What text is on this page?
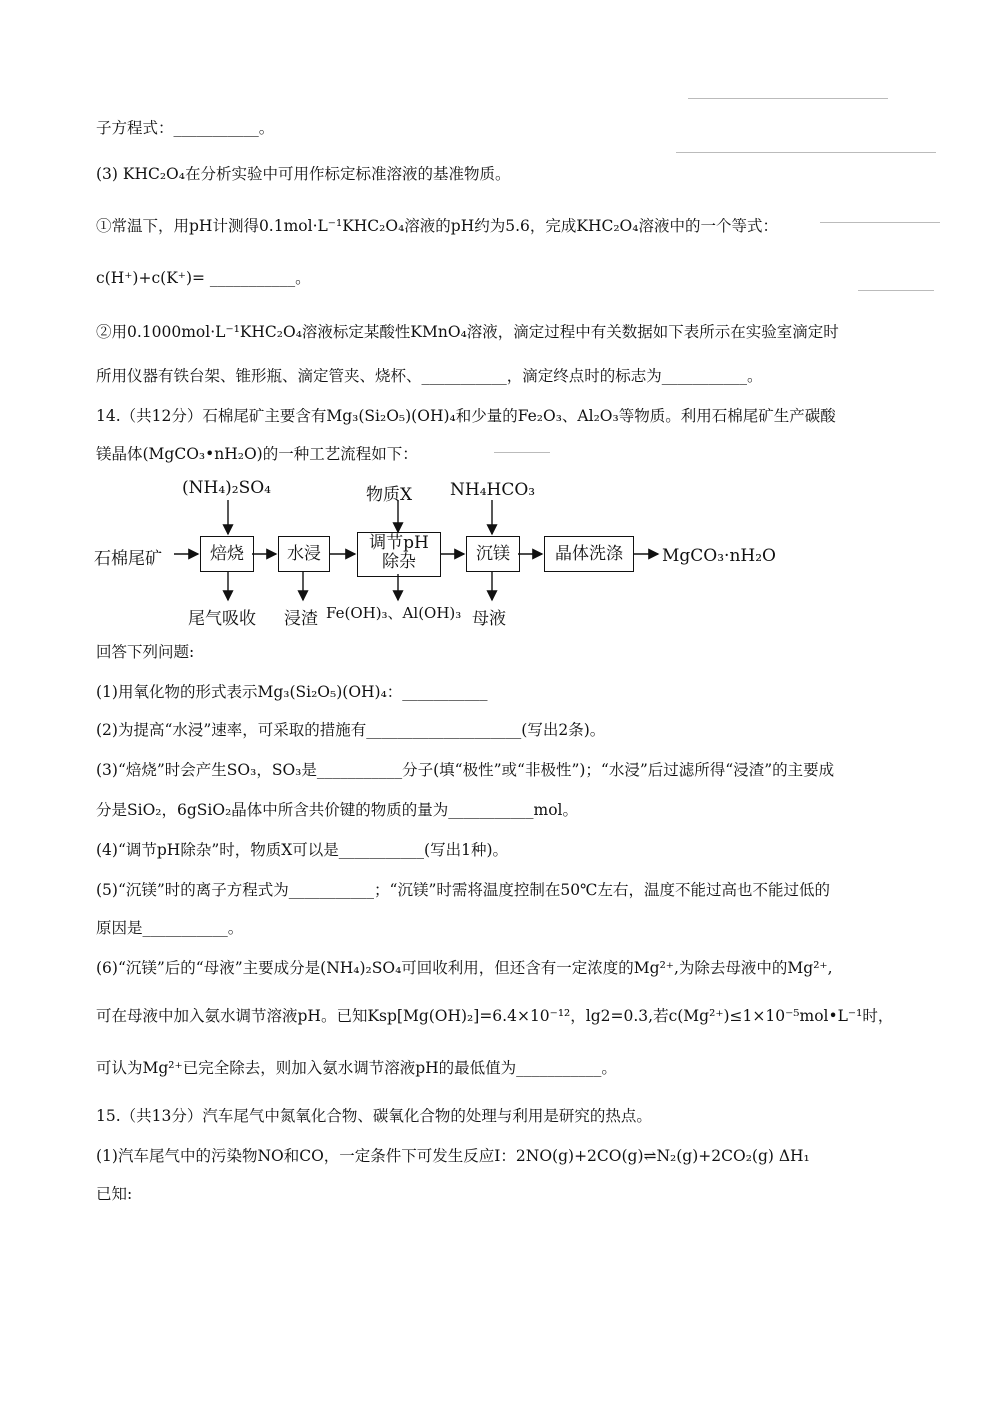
子方程式：___________。
(3) KHC₂O₄在分析实验中可用作标定标准溶液的基准物质。
①常温下，用pH计测得0.1mol·L⁻¹KHC₂O₄溶液的pH约为5.6，完成KHC₂O₄溶液中的一个等式：
c(H⁺)+c(K⁺)= ___________。
②用0.1000mol·L⁻¹KHC₂O₄溶液标定某酸性KMnO₄溶液，滴定过程中有关数据如下表所示在实验室滴定时
所用仪器有铁台架、锥形瓶、滴定管夹、烧杯、___________，滴定终点时的标志为___________。
14.（共12分）石棉尾矿主要含有Mg₃(Si₂O₅)(OH)₄和少量的Fe₂O₃、Al₂O₃等物质。利用石棉尾矿生产碳酸
镁晶体(MgCO₃•nH₂O)的一种工艺流程如下：
石棉尾矿
(NH₄)₂SO₄	物质X NH₄HCO₃
焙烧	水浸
调节pH
除杂	沉镁	晶体洗涤	MgCO₃·nH₂O
尾气吸收 浸渣 Fe(OH)₃、Al(OH)₃ 母液
回答下列问题:
(1)用氧化物的形式表示Mg₃(Si₂O₅)(OH)₄：___________
(2)为提高“水浸”速率，可采取的措施有____________________(写出2条)。
(3)“焙烧”时会产生SO₃，SO₃是___________分子(填“极性”或“非极性”)；“水浸”后过滤所得“浸渣”的主要成
分是SiO₂，6gSiO₂晶体中所含共价键的物质的量为___________mol。
(4)“调节pH除杂”时，物质X可以是___________(写出1种)。
(5)“沉镁”时的离子方程式为___________；“沉镁”时需将温度控制在50℃左右，温度不能过高也不能过低的
原因是___________。
(6)“沉镁”后的“母液”主要成分是(NH₄)₂SO₄可回收利用，但还含有一定浓度的Mg²⁺,为除去母液中的Mg²⁺,
可在母液中加入氨水调节溶液pH。已知Ksp[Mg(OH)₂]=6.4×10⁻¹²，lg2=0.3,若c(Mg²⁺)≤1×10⁻⁵mol•L⁻¹时，
可认为Mg²⁺已完全除去，则加入氨水调节溶液pH的最低值为___________。
15.（共13分）汽车尾气中氮氧化合物、碳氧化合物的处理与利用是研究的热点。
(1)汽车尾气中的污染物NO和CO，一定条件下可发生反应I：2NO(g)+2CO(g)⇌N₂(g)+2CO₂(g) ΔH₁
已知:
